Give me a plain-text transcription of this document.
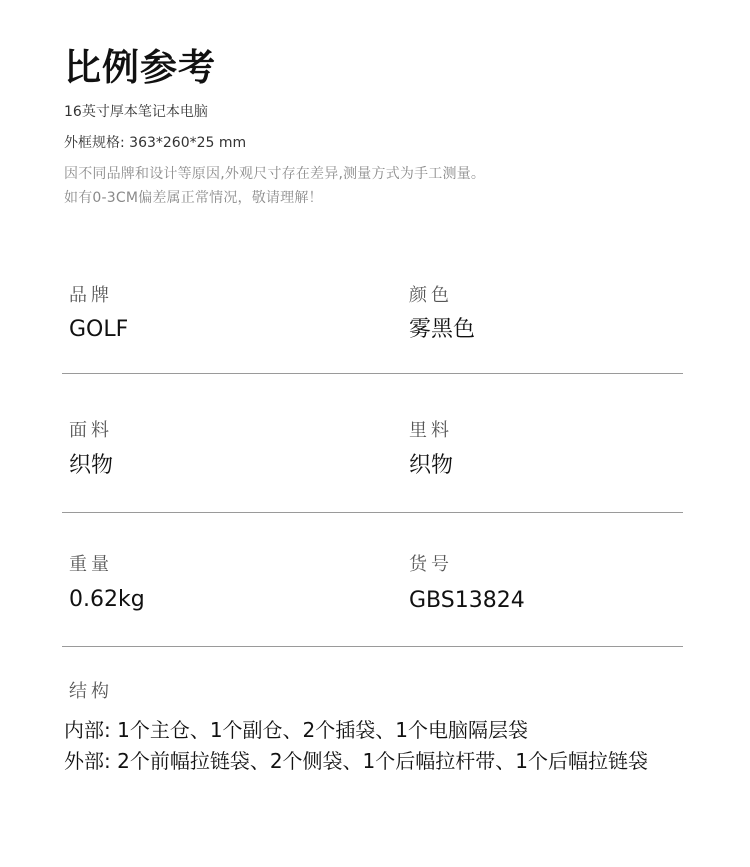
比例参考
16英寸厚本笔记本电脑
外框规格: 363*260*25 mm
因不同品牌和设计等原因,外观尺寸存在差异,测量方式为手工测量。
如有0-3CM偏差属正常情况，敬请理解！
品牌
GOLF
颜色
雾黑色
面料
织物
里料
织物
重量
0.62kg
货号
GBS13824
结构
内部: 1个主仓、1个副仓、2个插袋、1个电脑隔层袋
外部: 2个前幅拉链袋、2个侧袋、1个后幅拉杆带、1个后幅拉链袋
